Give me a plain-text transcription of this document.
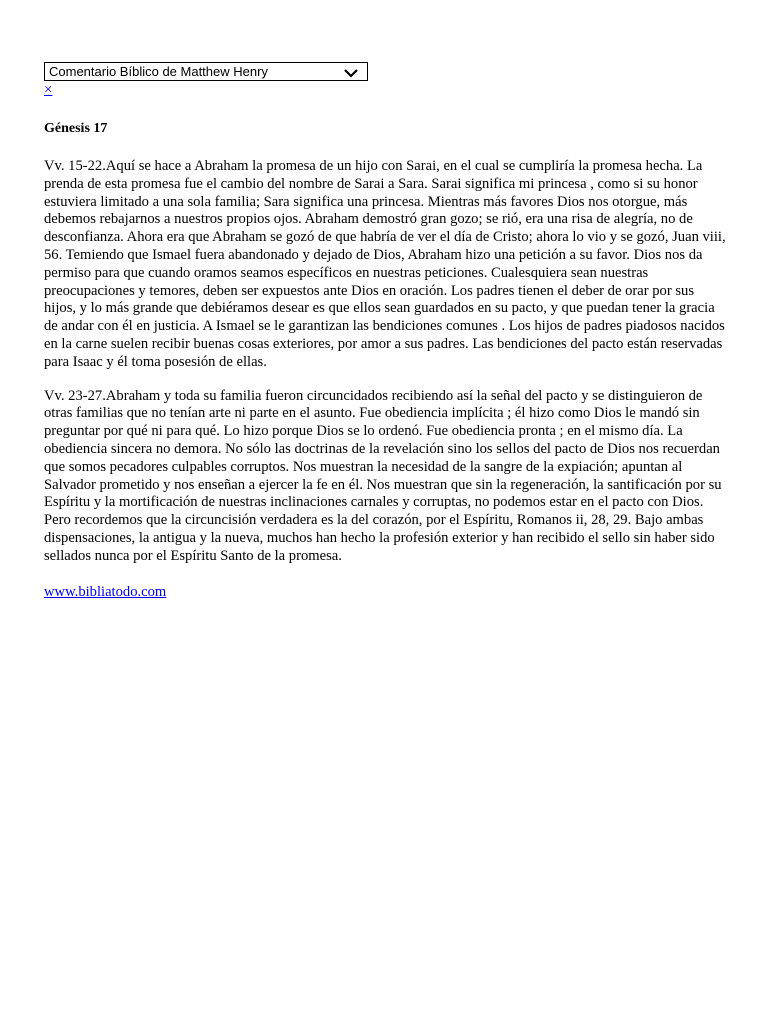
Comentario Bíblico de Matthew Henry
×
Génesis 17

Vv. 15-22.Aquí se hace a Abraham la promesa de un hijo con Sarai, en el cual se cumpliría la promesa hecha. La prenda de esta promesa fue el cambio del nombre de Sarai a Sara. Sarai significa mi princesa , como si su honor estuviera limitado a una sola familia; Sara significa una princesa. Mientras más favores Dios nos otorgue, más debemos rebajarnos a nuestros propios ojos. Abraham demostró gran gozo; se rió, era una risa de alegría, no de desconfianza. Ahora era que Abraham se gozó de que habría de ver el día de Cristo; ahora lo vio y se gozó, Juan viii, 56. Temiendo que Ismael fuera abandonado y dejado de Dios, Abraham hizo una petición a su favor. Dios nos da permiso para que cuando oramos seamos específicos en nuestras peticiones. Cualesquiera sean nuestras preocupaciones y temores, deben ser expuestos ante Dios en oración. Los padres tienen el deber de orar por sus hijos, y lo más grande que debiéramos desear es que ellos sean guardados en su pacto, y que puedan tener la gracia de andar con él en justicia. A Ismael se le garantizan las bendiciones comunes . Los hijos de padres piadosos nacidos en la carne suelen recibir buenas cosas exteriores, por amor a sus padres. Las bendiciones del pacto están reservadas para Isaac y él toma posesión de ellas.

Vv. 23-27.Abraham y toda su familia fueron circuncidados recibiendo así la señal del pacto y se distinguieron de otras familias que no tenían arte ni parte en el asunto. Fue obediencia implícita ; él hizo como Dios le mandó sin preguntar por qué ni para qué. Lo hizo porque Dios se lo ordenó. Fue obediencia pronta ; en el mismo día. La obediencia sincera no demora. No sólo las doctrinas de la revelación sino los sellos del pacto de Dios nos recuerdan que somos pecadores culpables corruptos. Nos muestran la necesidad de la sangre de la expiación; apuntan al Salvador prometido y nos enseñan a ejercer la fe en él. Nos muestran que sin la regeneración, la santificación por su Espíritu y la mortificación de nuestras inclinaciones carnales y corruptas, no podemos estar en el pacto con Dios. Pero recordemos que la circuncisión verdadera es la del corazón, por el Espíritu, Romanos ii, 28, 29. Bajo ambas dispensaciones, la antigua y la nueva, muchos han hecho la profesión exterior y han recibido el sello sin haber sido sellados nunca por el Espíritu Santo de la promesa.

www.bibliatodo.com
